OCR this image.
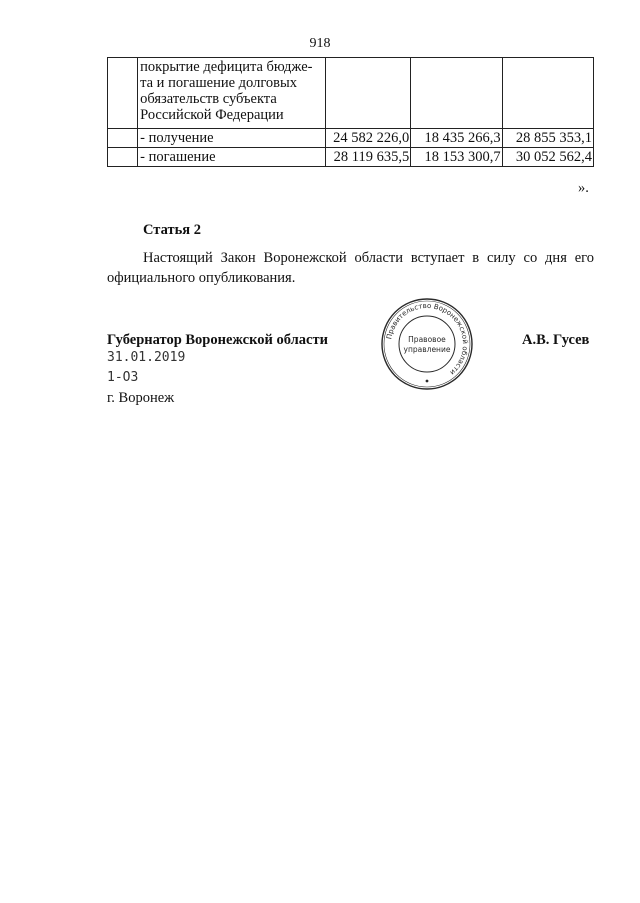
918

	покрытие дефицита бюдже-
та и погашение долговых
обязательств субъекта
Российской Федерации			

	- получение	24 582 226,0	18 435 266,3	28 855 353,1
	- погашение	28 119 635,5	18 153 300,7	30 052 562,4
».
Статья 2
Настоящий Закон Воронежской области вступает в силу со дня его официального опубликования.
Губернатор Воронежской области	А.В. Гусев
31.01.2019
1-ОЗ
г. Воронеж
Правительство Воронежской области
Правовое
управление
